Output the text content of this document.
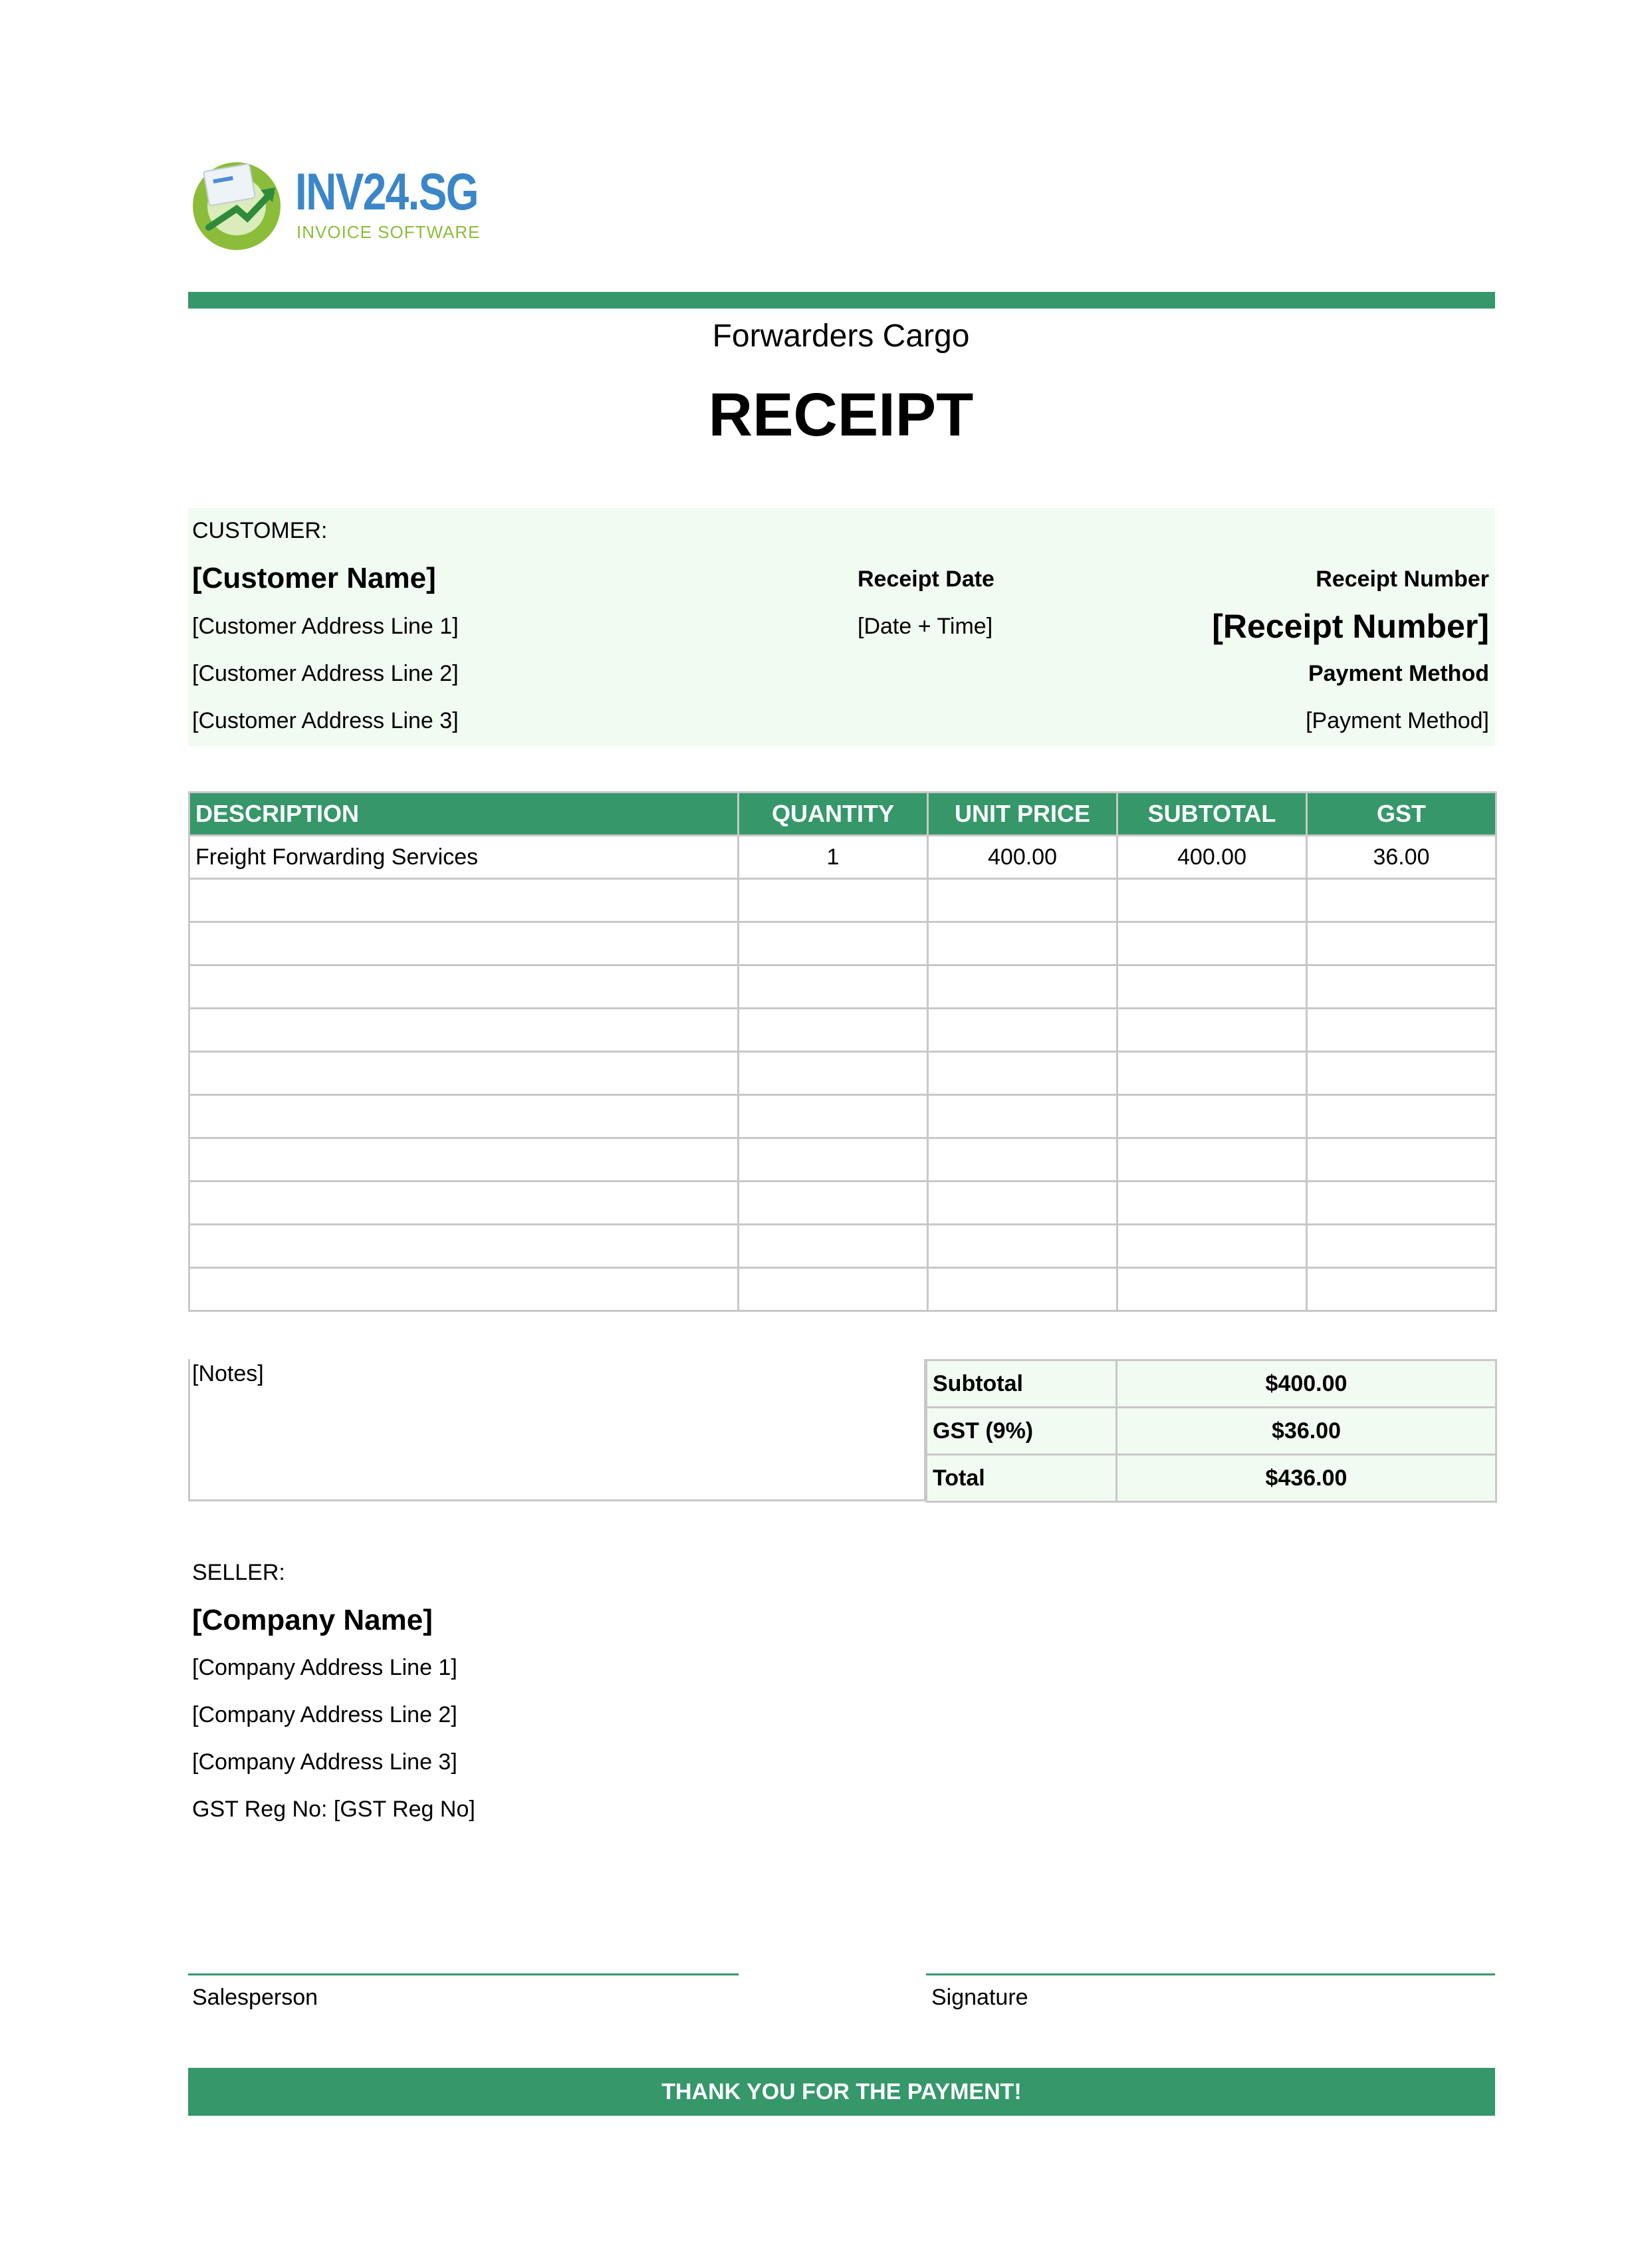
INV24.SG
INVOICE SOFTWARE
Forwarders Cargo
RECEIPT
CUSTOMER:
[Customer Name]
[Customer Address Line 1]
[Customer Address Line 2]
[Customer Address Line 3]
Receipt Date
[Date + Time]
Receipt Number
[Receipt Number]
Payment Method
[Payment Method]
DESCRIPTION	QUANTITY	UNIT PRICE	SUBTOTAL	GST
Freight Forwarding Services	1	400.00	400.00	36.00

[Notes]	Subtotal	$400.00
GST (9%)	$36.00
Total	$436.00
SELLER:
[Company Name]
[Company Address Line 1]
[Company Address Line 2]
[Company Address Line 3]
GST Reg No: [GST Reg No]
Salesperson	Signature
THANK YOU FOR THE PAYMENT!
